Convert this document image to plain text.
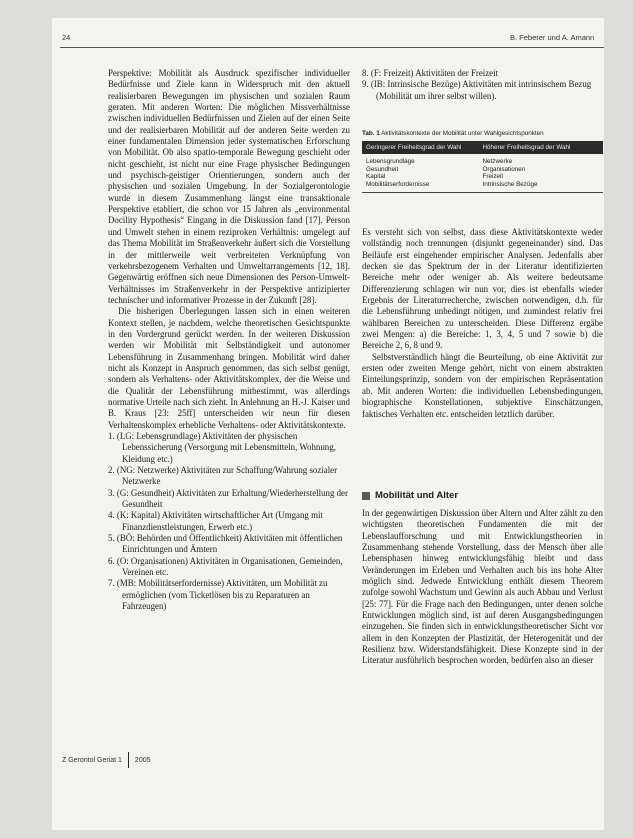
24	B. Feberer und A. Amann

Perspektive: Mobilität als Ausdruck spezifischer individueller Bedürfnisse und Ziele kann in Widerspruch mit den aktuell realisierbaren Bewegungen im physischen und sozialen Raum geraten. Mit anderen Worten: Die möglichen Missverhältnisse zwischen individuellen Bedürfnissen und Zielen auf der einen Seite und der realisierbaren Mobilität auf der anderen Seite werden zu einer fundamentalen Dimension jeder systematischen Erforschung von Mobilität. Ob also spatio-temporale Bewegung geschieht oder nicht geschieht, ist nicht nur eine Frage physischer Bedingungen und psychisch-geistiger Orientierungen, sondern auch der physischen und sozialen Umgebung. In der Sozialgerontologie wurde in diesem Zusammenhang längst eine transaktionale Perspektive etabliert, die schon vor 15 Jahren als „environmental Docility Hypothesis“ Eingang in die Diskussion fand [17]. Person und Umwelt stehen in einem reziproken Verhältnis: umgelegt auf das Thema Mobilität im Straßenverkehr äußert sich die Vorstellung in der mittlerweile weit verbreiteten Verknüpfung von verkehrsbezogenem Verhalten und Umweltarrangements [12, 18]. Gegenwärtig eröffnen sich neue Dimensionen des Person-Umwelt-Verhältnisses im Straßenverkehr in der Perspektive antizipierter technischer und informativer Prozesse in der Zukunft [28].

Die bisherigen Überlegungen lassen sich in einen weiteren Kontext stellen, je nachdem, welche theoretischen Gesichtspunkte in den Vordergrund gerückt werden. In der weiteren Diskussion werden wir Mobilität mit Selbständigkeit und autonomer Lebensführung in Zusammenhang bringen. Mobilität wird daher nicht als Konzept in Anspruch genommen, das sich selbst genügt, sondern als Verhaltens- oder Aktivitätskomplex, der die Weise und die Qualität der Lebensführung mitbestimmt, was allerdings normative Urteile nach sich zieht. In Anlehnung an H.-J. Kaiser und B. Kraus [23: 25ff] unterscheiden wir neun für diesen Verhaltenskomplex erhebliche Verhaltens- oder Aktivitätskontexte.

1. (LG: Lebensgrundlage) Aktivitäten der physischen Lebenssicherung (Versorgung mit Lebensmitteln, Wohnung, Kleidung etc.)
2. (NG: Netzwerke) Aktivitäten zur Schaffung/Wahrung sozialer Netzwerke
3. (G: Gesundheit) Aktivitäten zur Erhaltung/Wiederherstellung der Gesundheit
4. (K: Kapital) Aktivitäten wirtschaftlicher Art (Umgang mit Finanzdienstleistungen, Erwerb etc.)
5. (BÖ: Behörden und Öffentlichkeit) Aktivitäten mit öffentlichen Einrichtungen und Ämtern
6. (O: Organisationen) Aktivitäten in Organisationen, Gemeinden, Vereinen etc.
7. (MB: Mobilitätserfordernisse) Aktivitäten, um Mobilität zu ermöglichen (vom Ticketlösen bis zu Reparaturen an Fahrzeugen)
8. (F: Freizeit) Aktivitäten der Freizeit
9. (IB: Intrinsische Bezüge) Aktivitäten mit intrinsischem Bezug (Mobilität um ihrer selbst willen).
Tab. 1 Aktivitätskontexte der Mobilität unter Wahlgesichtspunkten
Geringerer Freiheitsgrad der Wahl	Höherer Freiheitsgrad der Wahl
Lebensgrundlage	Netzwerke
Gesundheit	Organisationen
Kapital	Freizeit
Mobilitätserfordernisse	Intrinsische Bezüge

Es versteht sich von selbst, dass diese Aktivitätskontexte weder vollständig noch trennungen (disjunkt gegeneinander) sind. Das Beiläufe erst eingehender empirischer Analysen. Jedenfalls aber decken sie das Spektrum der in der Literatur identifizierten Bereiche mehr oder weniger ab. Als weitere bedeutsame Differenzierung schlagen wir nun vor, dies ist ebenfalls wieder Ergebnis der Literaturrecherche, zwischen notwendigen, d.h. für die Lebensführung unbedingt nötigen, und zumindest relativ frei wählbaren Bereichen zu unterscheiden. Diese Differenz ergäbe zwei Mengen: a) die Bereiche: 1, 3, 4, 5 und 7 sowie b) die Bereiche 2, 6, 8 und 9.

Selbstverständlich hängt die Beurteilung, ob eine Aktivität zur ersten oder zweiten Menge gehört, nicht von einem abstrakten Einteilungsprinzip, sondern von der empirischen Repräsentation ab. Mit anderen Worten: die individuellen Lebensbedingungen, biographische Konstellationen, subjektive Einschätzungen, faktisches Verhalten etc. entscheiden letztlich darüber.

Mobilität und Alter

In der gegenwärtigen Diskussion über Altern und Alter zählt zu den wichtigsten theoretischen Fundamenten die mit der Lebenslaufforschung und mit Entwicklungstheorien in Zusammenhang stehende Vorstellung, dass der Mensch über alle Lebensphasen hinweg entwicklungsfähig bleibt und dass Veränderungen im Erleben und Verhalten auch bis ins hohe Alter möglich sind. Jedwede Entwicklung enthält diesem Theorem zufolge sowohl Wachstum und Gewinn als auch Abbau und Verlust [25: 77]. Für die Frage nach den Bedingungen, unter denen solche Entwicklungen möglich sind, ist auf deren Ausgangsbedingungen einzugehen. Sie finden sich in entwicklungstheoretischer Sicht vor allem in den Konzepten der Plastizität, der Heterogenität und der Resilienz bzw. Widerstandsfähigkeit. Diese Konzepte sind in der Literatur ausführlich besprochen worden, bedürfen also an dieser

Z Gerontol Geriat 1 2005
